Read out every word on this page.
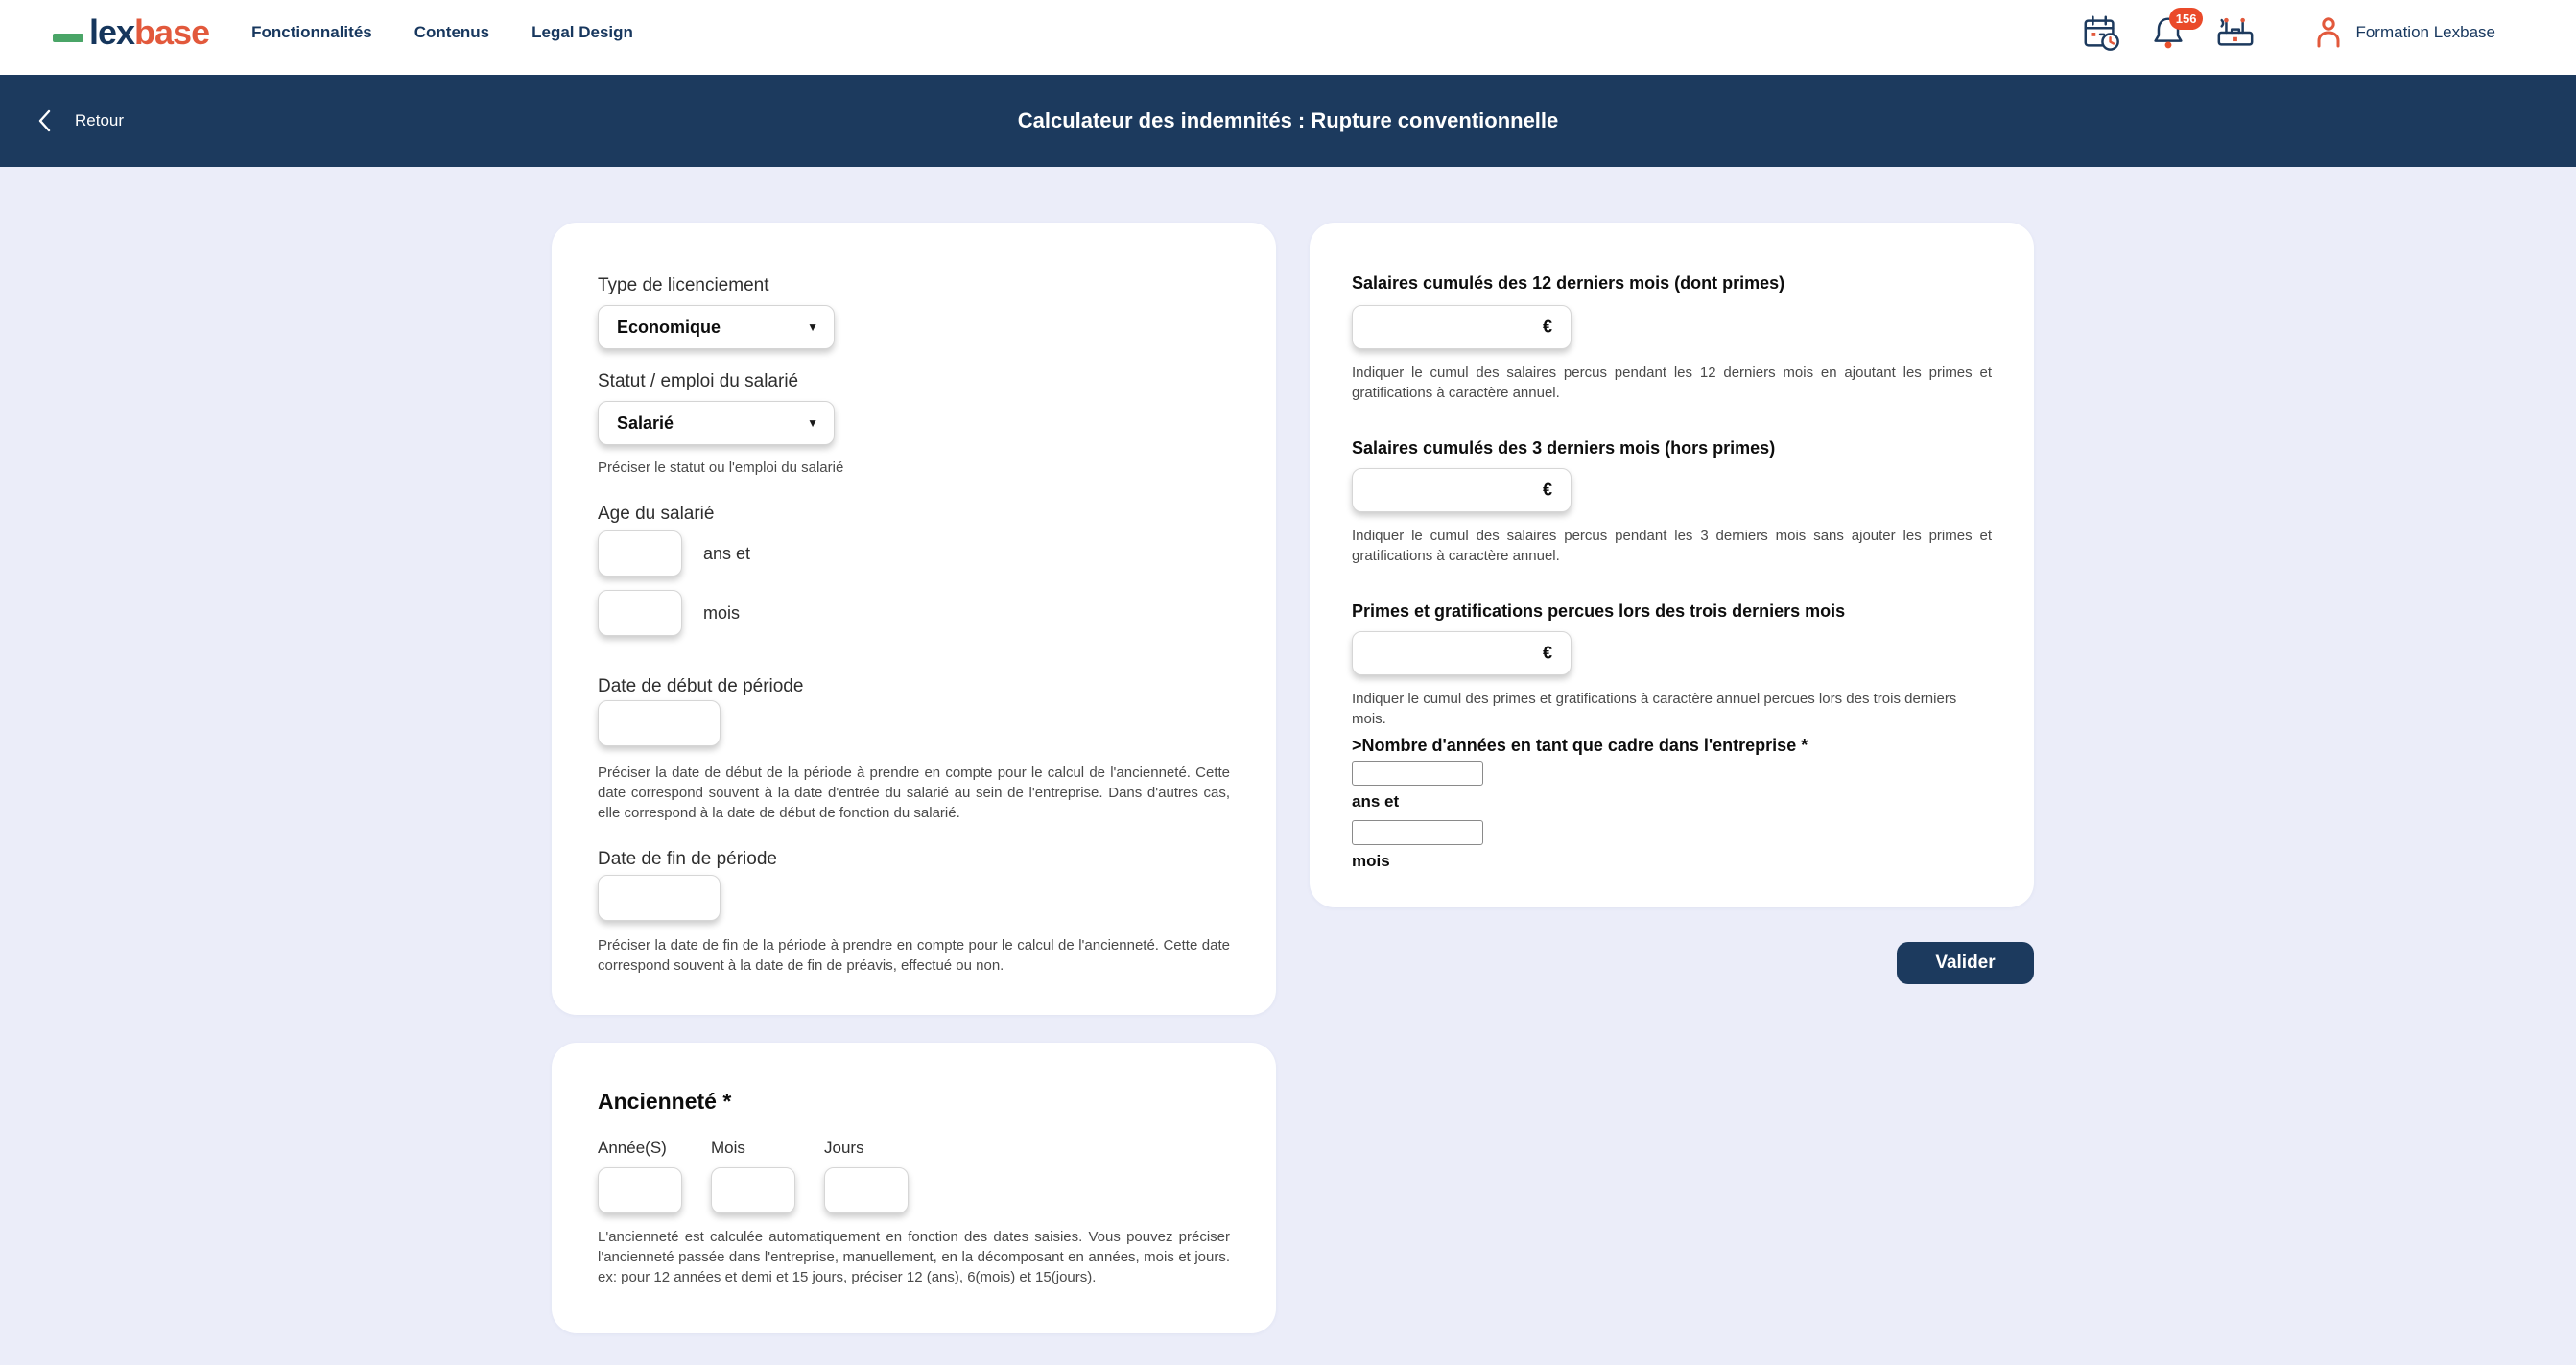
lexbase	Fonctionnalités	Contenus	Legal Design
156
Formation Lexbase
Retour	Calculateur des indemnités : Rupture conventionnelle
Type de licenciement
Economique	▼
Statut / emploi du salarié
Salarié	▼
Préciser le statut ou l'emploi du salarié
Age du salarié
ans et
mois
Date de début de période

Préciser la date de début de la période à prendre en compte pour le calcul de l'ancienneté. Cette date correspond souvent à la date d'entrée du salarié au sein de l'entreprise. Dans d'autres cas, elle correspond à la date de début de fonction du salarié.

Date de fin de période

Préciser la date de fin de la période à prendre en compte pour le calcul de l'ancienneté. Cette date correspond souvent à la date de fin de préavis, effectué ou non.

Salaires cumulés des 12 derniers mois (dont primes)
€

Indiquer le cumul des salaires percus pendant les 12 derniers mois en ajoutant les primes et gratifications à caractère annuel.

Salaires cumulés des 3 derniers mois (hors primes)
€

Indiquer le cumul des salaires percus pendant les 3 derniers mois sans ajouter les primes et gratifications à caractère annuel.

Primes et gratifications percues lors des trois derniers mois
€

Indiquer le cumul des primes et gratifications à caractère annuel percues lors des trois derniers mois.

>Nombre d'années en tant que cadre dans l'entreprise *
ans et
mois
Valider
Ancienneté *
Année(S)	Mois	Jours

L'ancienneté est calculée automatiquement en fonction des dates saisies. Vous pouvez préciser l'ancienneté passée dans l'entreprise, manuellement, en la décomposant en années, mois et jours. ex: pour 12 années et demi et 15 jours, préciser 12 (ans), 6(mois) et 15(jours).
